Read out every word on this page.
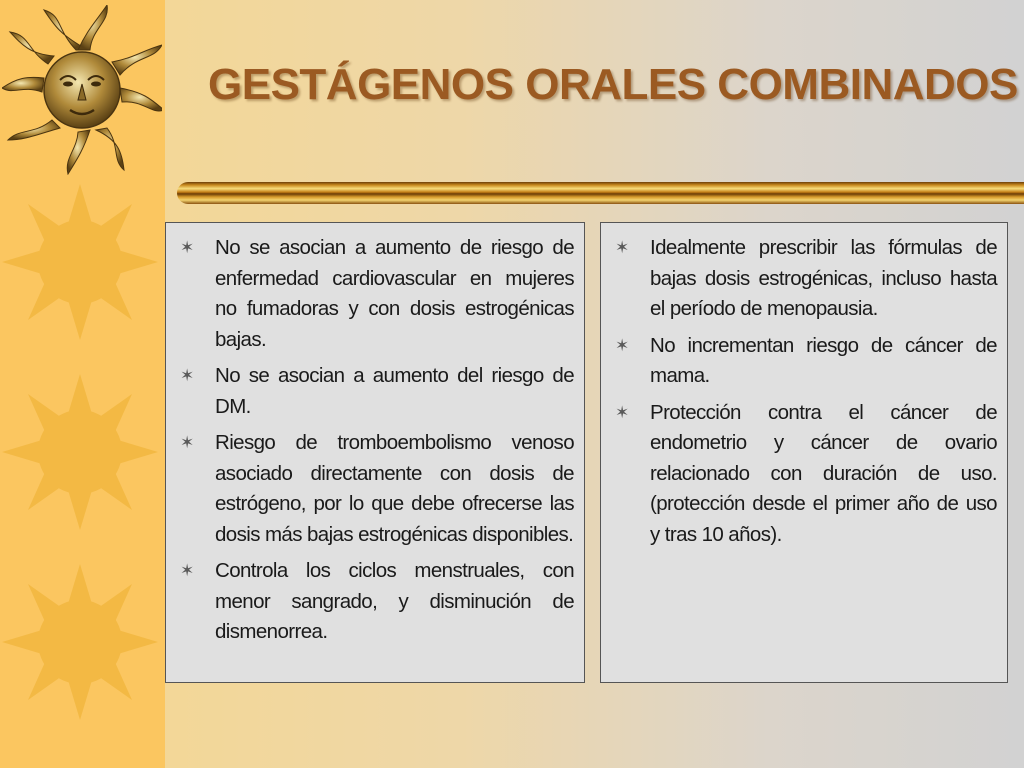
GESTÁGENOS ORALES COMBINADOS
✶ No se asocian a aumento de riesgo de enfermedad cardiovascular en mujeres no fumadoras y con dosis estrogénicas bajas.
✶ No se asocian a aumento del riesgo de DM.
✶ Riesgo de tromboembolismo venoso asociado directamente con dosis de estrógeno, por lo que debe ofrecerse las dosis más bajas estrogénicas disponibles.
✶ Controla los ciclos menstruales, con menor sangrado, y disminución de dismenorrea.
✶ Idealmente prescribir las fórmulas de bajas dosis estrogénicas, incluso hasta el período de menopausia.
✶ No incrementan riesgo de cáncer de mama.
✶ Protección contra el cáncer de endometrio y cáncer de ovario relacionado con duración de uso. (protección desde el primer año de uso y tras 10 años).
